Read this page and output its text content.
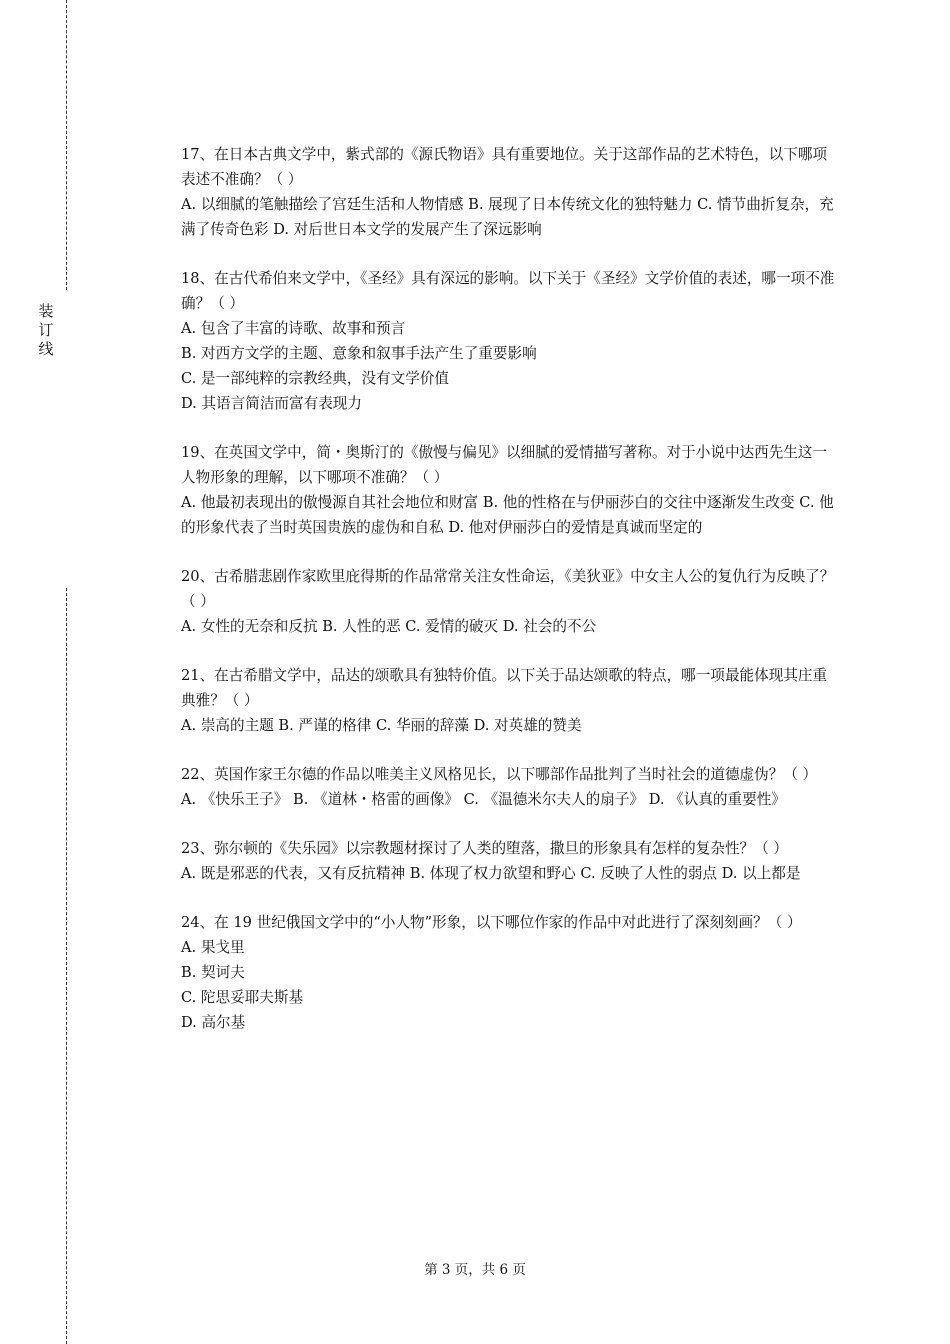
装订线

17、在日本古典文学中，紫式部的《源氏物语》具有重要地位。关于这部作品的艺术特色，以下哪项表述不准确？（ ）

A. 以细腻的笔触描绘了宫廷生活和人物情感 B. 展现了日本传统文化的独特魅力 C. 情节曲折复杂，充满了传奇色彩 D. 对后世日本文学的发展产生了深远影响

18、在古代希伯来文学中，《圣经》具有深远的影响。以下关于《圣经》文学价值的表述，哪一项不准确？（ ）

A. 包含了丰富的诗歌、故事和预言

B. 对西方文学的主题、意象和叙事手法产生了重要影响

C. 是一部纯粹的宗教经典，没有文学价值

D. 其语言简洁而富有表现力

19、在英国文学中，简・奥斯汀的《傲慢与偏见》以细腻的爱情描写著称。对于小说中达西先生这一人物形象的理解，以下哪项不准确？（ ）

A. 他最初表现出的傲慢源自其社会地位和财富 B. 他的性格在与伊丽莎白的交往中逐渐发生改变 C. 他的形象代表了当时英国贵族的虚伪和自私 D. 他对伊丽莎白的爱情是真诚而坚定的

20、古希腊悲剧作家欧里庇得斯的作品常常关注女性命运，《美狄亚》中女主人公的复仇行为反映了？（ ）

A. 女性的无奈和反抗 B. 人性的恶 C. 爱情的破灭 D. 社会的不公

21、在古希腊文学中，品达的颂歌具有独特价值。以下关于品达颂歌的特点，哪一项最能体现其庄重典雅？（ ）

A. 崇高的主题 B. 严谨的格律 C. 华丽的辞藻 D. 对英雄的赞美

22、英国作家王尔德的作品以唯美主义风格见长，以下哪部作品批判了当时社会的道德虚伪？（ ）

A. 《快乐王子》 B. 《道林・格雷的画像》 C. 《温德米尔夫人的扇子》 D. 《认真的重要性》

23、弥尔顿的《失乐园》以宗教题材探讨了人类的堕落，撒旦的形象具有怎样的复杂性？（ ）

A. 既是邪恶的代表，又有反抗精神 B. 体现了权力欲望和野心 C. 反映了人性的弱点 D. 以上都是

24、在 19 世纪俄国文学中的“小人物”形象，以下哪位作家的作品中对此进行了深刻刻画？（ ）

A. 果戈里

B. 契诃夫

C. 陀思妥耶夫斯基

D. 高尔基

第 3 页，共 6 页
